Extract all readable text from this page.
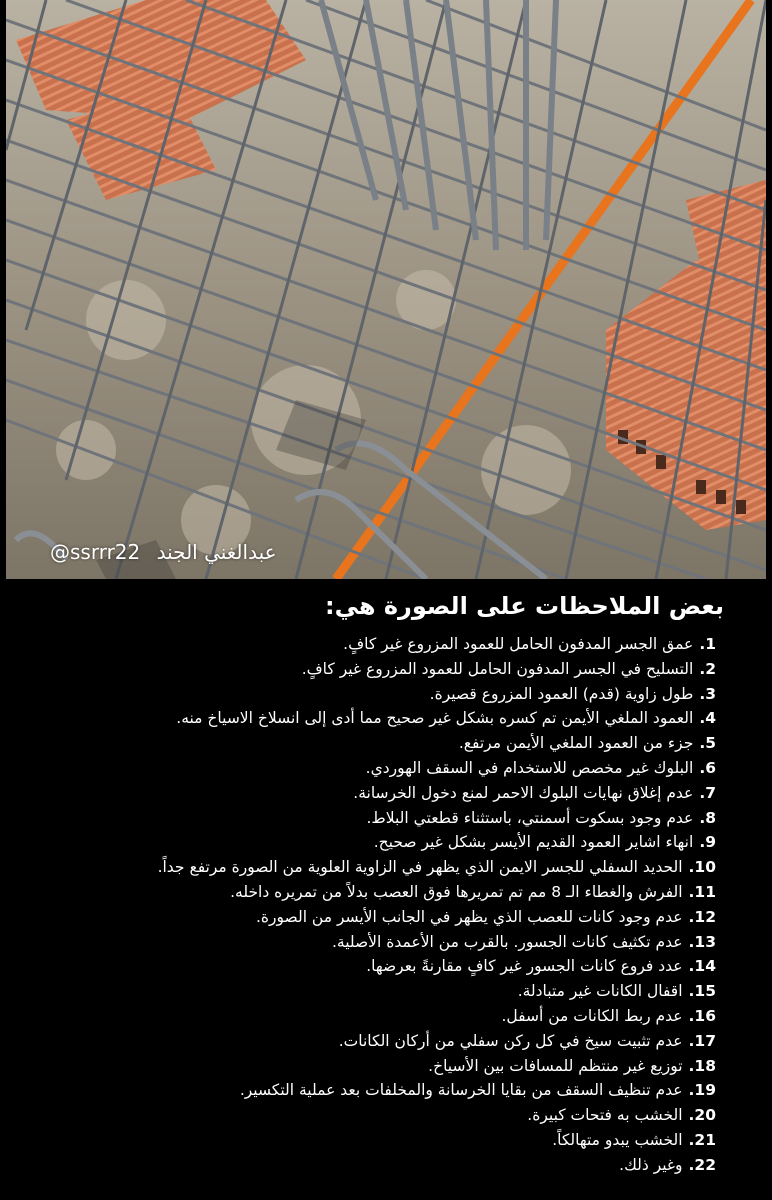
@ssrrr22 عبدالغني الجند
بعض الملاحظات على الصورة هي:
1.عمق الجسر المدفون الحامل للعمود المزروع غير كافٍ.
2.التسليح في الجسر المدفون الحامل للعمود المزروع غير كافٍ.
3.طول زاوية (قدم) العمود المزروع قصيرة.
4.العمود الملغي الأيمن تم كسره بشكل غير صحيح مما أدى إلى انسلاخ الاسياخ منه.
5.جزء من العمود الملغي الأيمن مرتفع.
6.البلوك غير مخصص للاستخدام في السقف الهوردي.
7.عدم إغلاق نهايات البلوك الاحمر لمنع دخول الخرسانة.
8.عدم وجود بسكوت أسمنتي، باستثناء قطعتي البلاط.
9.انهاء اشاير العمود القديم الأيسر بشكل غير صحيح.
10.الحديد السفلي للجسر الايمن الذي يظهر في الزاوية العلوية من الصورة مرتفع جداً.
11.الفرش والغطاء الـ 8 مم تم تمريرها فوق العصب بدلاً من تمريره داخله.
12.عدم وجود كانات للعصب الذي يظهر في الجانب الأيسر من الصورة.
13.عدم تكثيف كانات الجسور. بالقرب من الأعمدة الأصلية.
14.عدد فروع كانات الجسور غير كافٍ مقارنةً بعرضها.
15.اقفال الكانات غير متبادلة.
16.عدم ربط الكانات من أسفل.
17.عدم تثبيت سيخ في كل ركن سفلي من أركان الكانات.
18.توزيع غير منتظم للمسافات بين الأسياخ.
19.عدم تنظيف السقف من بقايا الخرسانة والمخلفات بعد عملية التكسير.
20.الخشب به فتحات كبيرة.
21.الخشب يبدو متهالكاً.
22.وغير ذلك.
